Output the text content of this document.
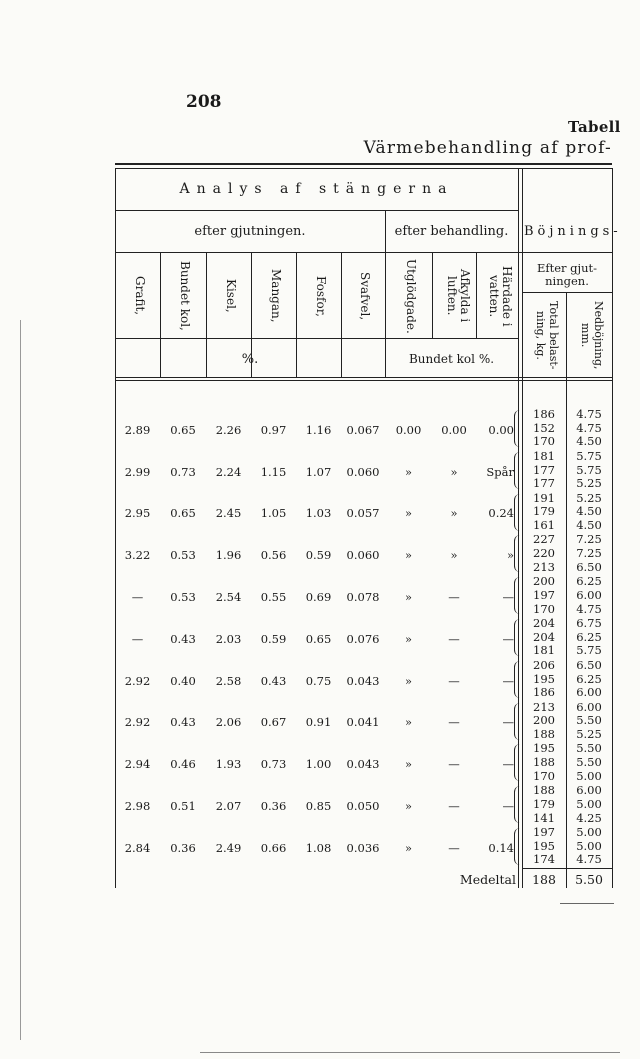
208
Tabell
Värmebehandling af prof-
Analys af stängerna
efter gjutningen.	efter behandling.	Böjnings-
Efter gjut-
ningen.
%.	Bundet kol %.
Grafit,	Bundet kol,	Kisel,	Mangan,	Fosfor,	Svafvel,	Utglödgade.	Afkylda i
luften.	Härdade i
vatten.	Total belast-
ning, kg.	Nedböjning,
mm.
2.89	0.65	2.26	0.97	1.16	0.067	0.00	0.00	0.00
186	4.75
152	4.75
170	4.50
2.99	0.73	2.24	1.15	1.07	0.060	»	»	Spår
181	5.75
177	5.75
177	5.25
2.95	0.65	2.45	1.05	1.03	0.057	»	»	0.24
191	5.25
179	4.50
161	4.50
3.22	0.53	1.96	0.56	0.59	0.060	»	»	»
227	7.25
220	7.25
213	6.50
—	0.53	2.54	0.55	0.69	0.078	»	—	—
200	6.25
197	6.00
170	4.75
—	0.43	2.03	0.59	0.65	0.076	»	—	—
204	6.75
204	6.25
181	5.75
2.92	0.40	2.58	0.43	0.75	0.043	»	—	—
206	6.50
195	6.25
186	6.00
2.92	0.43	2.06	0.67	0.91	0.041	»	—	—
213	6.00
200	5.50
188	5.25
2.94	0.46	1.93	0.73	1.00	0.043	»	—	—
195	5.50
188	5.50
170	5.00
2.98	0.51	2.07	0.36	0.85	0.050	»	—	—
188	6.00
179	5.00
141	4.25
2.84	0.36	2.49	0.66	1.08	0.036	»	—	0.14
197	5.00
195	5.00
174	4.75
Medeltal	188	5.50
